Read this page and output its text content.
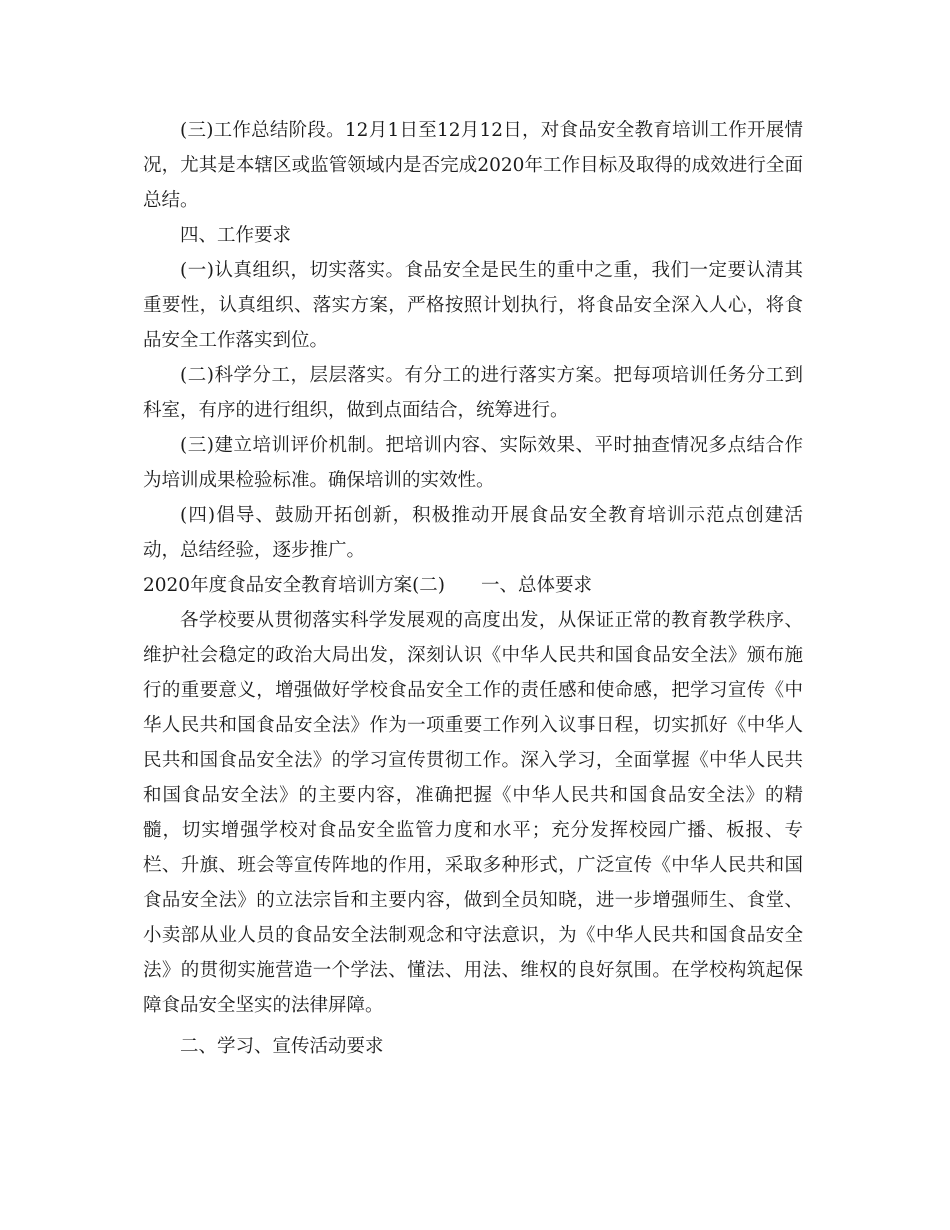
(三)工作总结阶段。12月1日至12月12日，对食品安全教育培训工作开展情况，尤其是本辖区或监管领域内是否完成2020年工作目标及取得的成效进行全面总结。

四、工作要求

(一)认真组织，切实落实。食品安全是民生的重中之重，我们一定要认清其重要性，认真组织、落实方案，严格按照计划执行，将食品安全深入人心，将食品安全工作落实到位。

(二)科学分工，层层落实。有分工的进行落实方案。把每项培训任务分工到科室，有序的进行组织，做到点面结合，统筹进行。

(三)建立培训评价机制。把培训内容、实际效果、平时抽查情况多点结合作为培训成果检验标准。确保培训的实效性。

(四)倡导、鼓励开拓创新，积极推动开展食品安全教育培训示范点创建活动，总结经验，逐步推广。

2020年度食品安全教育培训方案(二) 一、总体要求

各学校要从贯彻落实科学发展观的高度出发，从保证正常的教育教学秩序、维护社会稳定的政治大局出发，深刻认识《中华人民共和国食品安全法》颁布施行的重要意义，增强做好学校食品安全工作的责任感和使命感，把学习宣传《中华人民共和国食品安全法》作为一项重要工作列入议事日程，切实抓好《中华人民共和国食品安全法》的学习宣传贯彻工作。深入学习，全面掌握《中华人民共和国食品安全法》的主要内容，准确把握《中华人民共和国食品安全法》的精髓，切实增强学校对食品安全监管力度和水平；充分发挥校园广播、板报、专栏、升旗、班会等宣传阵地的作用，采取多种形式，广泛宣传《中华人民共和国食品安全法》的立法宗旨和主要内容，做到全员知晓，进一步增强师生、食堂、小卖部从业人员的食品安全法制观念和守法意识，为《中华人民共和国食品安全法》的贯彻实施营造一个学法、懂法、用法、维权的良好氛围。在学校构筑起保障食品安全坚实的法律屏障。

二、学习、宣传活动要求
